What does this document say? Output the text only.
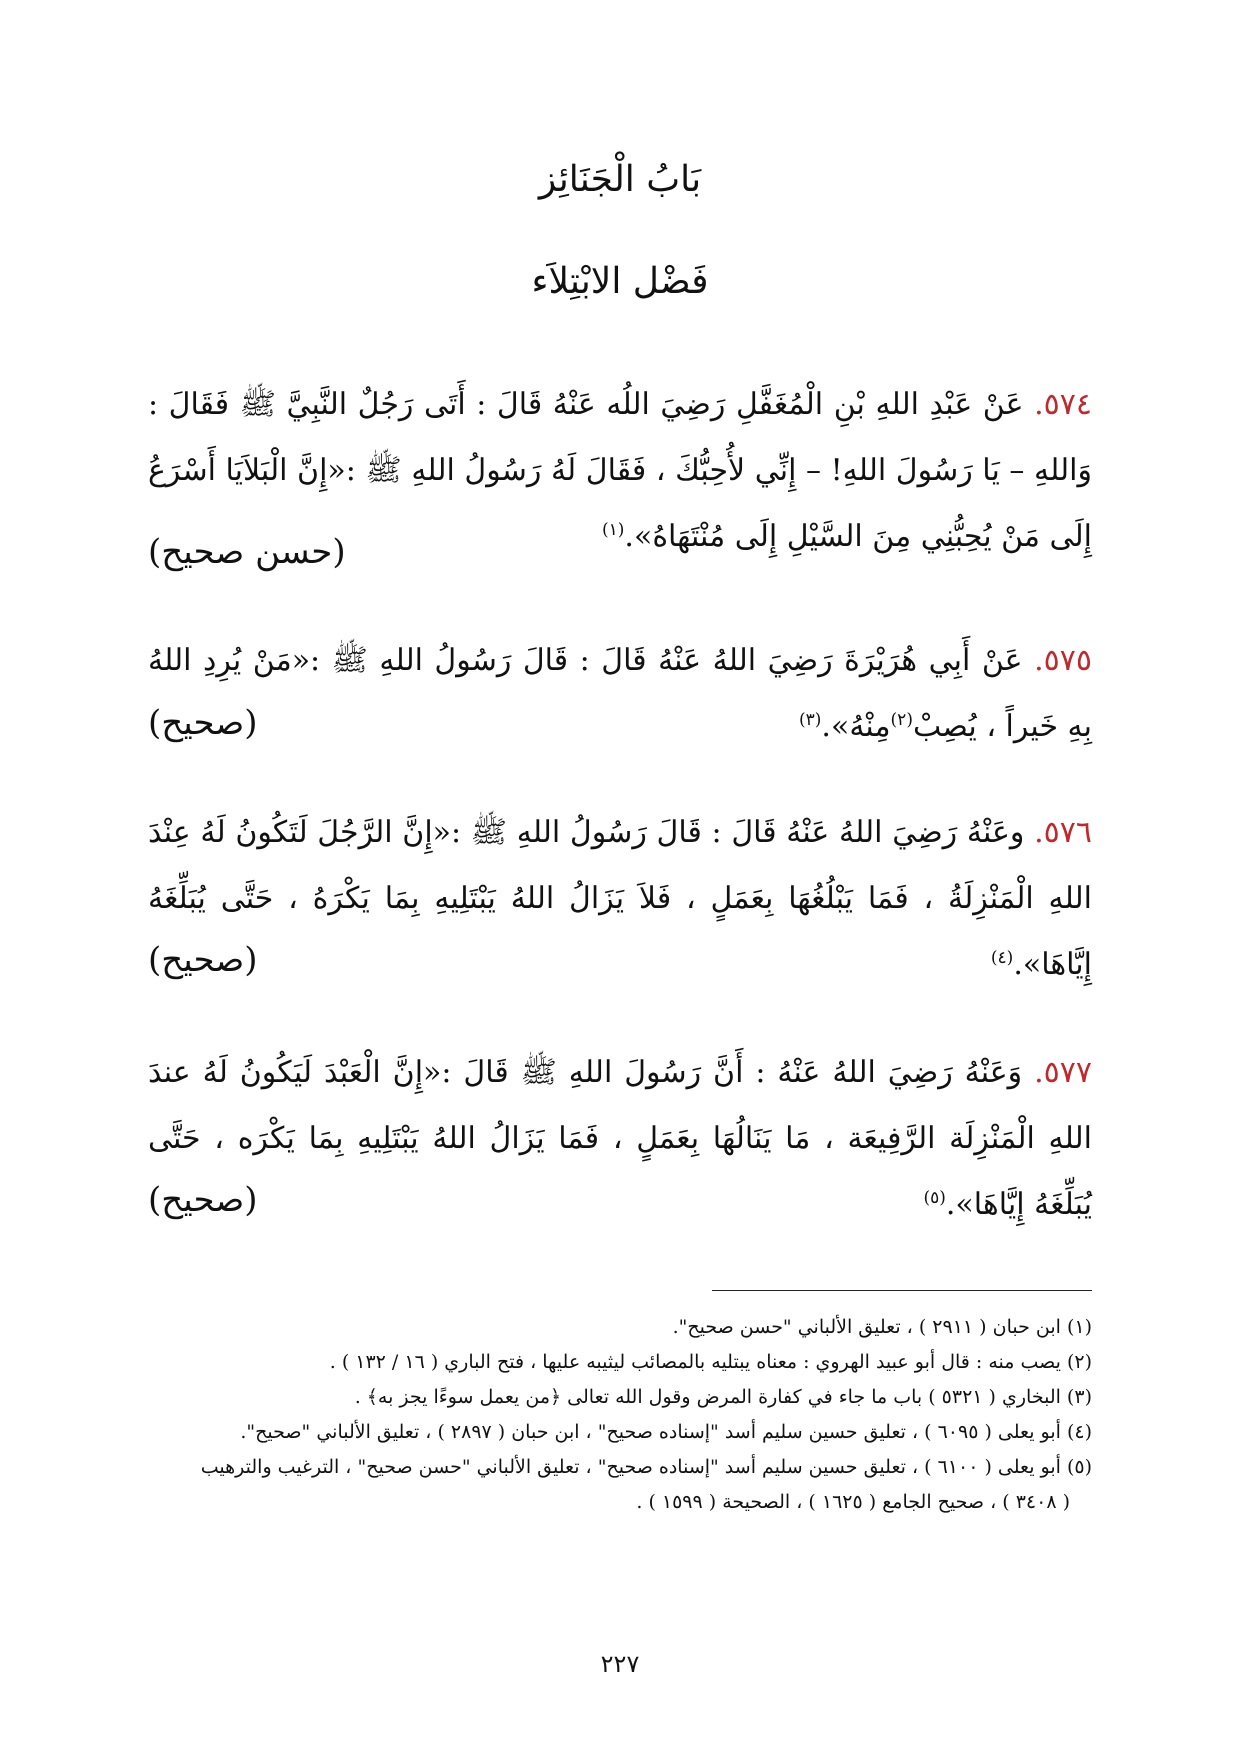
بَابُ الْجَنَائِز
فَضْل الابْتِلاَء
٥٧٤. عَنْ عَبْدِ اللهِ بْنِ الْمُغَفَّلِ رَضِيَ اللُه عَنْهُ قَالَ : أَتَى رَجُلٌ النَّبِيَّ ﷺ فَقَالَ : وَاللهِ – يَا رَسُولَ اللهِ! – إِنِّي لأُحِبُّكَ ، فَقَالَ لَهُ رَسُولُ اللهِ ﷺ :«إِنَّ الْبَلاَيَا أَسْرَعُ إِلَى مَنْ يُحِبُّنِي مِنَ السَّيْلِ إِلَى مُنْتَهَاهُ».$^{(١)}$
(حسن صحيح)
٥٧٥. عَنْ أَبِي هُرَيْرَةَ رَضِيَ اللهُ عَنْهُ قَالَ : قَالَ رَسُولُ اللهِ ﷺ :«مَنْ يُرِدِ اللهُ بِهِ خَيراً ، يُصِبْ$^{(٢)}$مِنْهُ».$^{(٣)}$
(صحيح)
٥٧٦. وعَنْهُ رَضِيَ اللهُ عَنْهُ قَالَ : قَالَ رَسُولُ اللهِ ﷺ :«إِنَّ الرَّجُلَ لَتَكُونُ لَهُ عِنْدَ اللهِ الْمَنْزِلَةُ ، فَمَا يَبْلُغُهَا بِعَمَلٍ ، فَلاَ يَزَالُ اللهُ يَبْتَلِيهِ بِمَا يَكْرَهُ ، حَتَّى يُبَلِّغَهُ إِيَّاهَا».$^{(٤)}$
(صحيح)
٥٧٧. وَعَنْهُ رَضِيَ اللهُ عَنْهُ : أَنَّ رَسُولَ اللهِ ﷺ قَالَ :«إِنَّ الْعَبْدَ لَيَكُونُ لَهُ عندَ اللهِ الْمَنْزِلَة الرَّفِيعَة ، مَا يَنَالُهَا بِعَمَلٍ ، فَمَا يَزَالُ اللهُ يَبْتَلِيهِ بِمَا يَكْرَه ، حَتَّى يُبَلِّغَهُ إِيَّاهَا».$^{(٥)}$
(صحيح)
(١) ابن حبان ( ٢٩١١ ) ، تعليق الألباني "حسن صحيح".
(٢) يصب منه : قال أبو عبيد الهروي : معناه يبتليه بالمصائب ليثيبه عليها ، فتح الباري ( ١٦ / ١٣٢ ) .
(٣) البخاري ( ٥٣٢١ ) باب ما جاء في كفارة المرض وقول الله تعالى ﴿من يعمل سوءًا يجز به﴾ .
(٤) أبو يعلى ( ٦٠٩٥ ) ، تعليق حسين سليم أسد "إسناده صحيح" ، ابن حبان ( ٢٨٩٧ ) ، تعليق الألباني "صحيح".
(٥) أبو يعلى ( ٦١٠٠ ) ، تعليق حسين سليم أسد "إسناده صحيح" ، تعليق الألباني "حسن صحيح" ، الترغيب والترهيب
( ٣٤٠٨ ) ، صحيح الجامع ( ١٦٢٥ ) ، الصحيحة ( ١٥٩٩ ) .
٢٢٧
